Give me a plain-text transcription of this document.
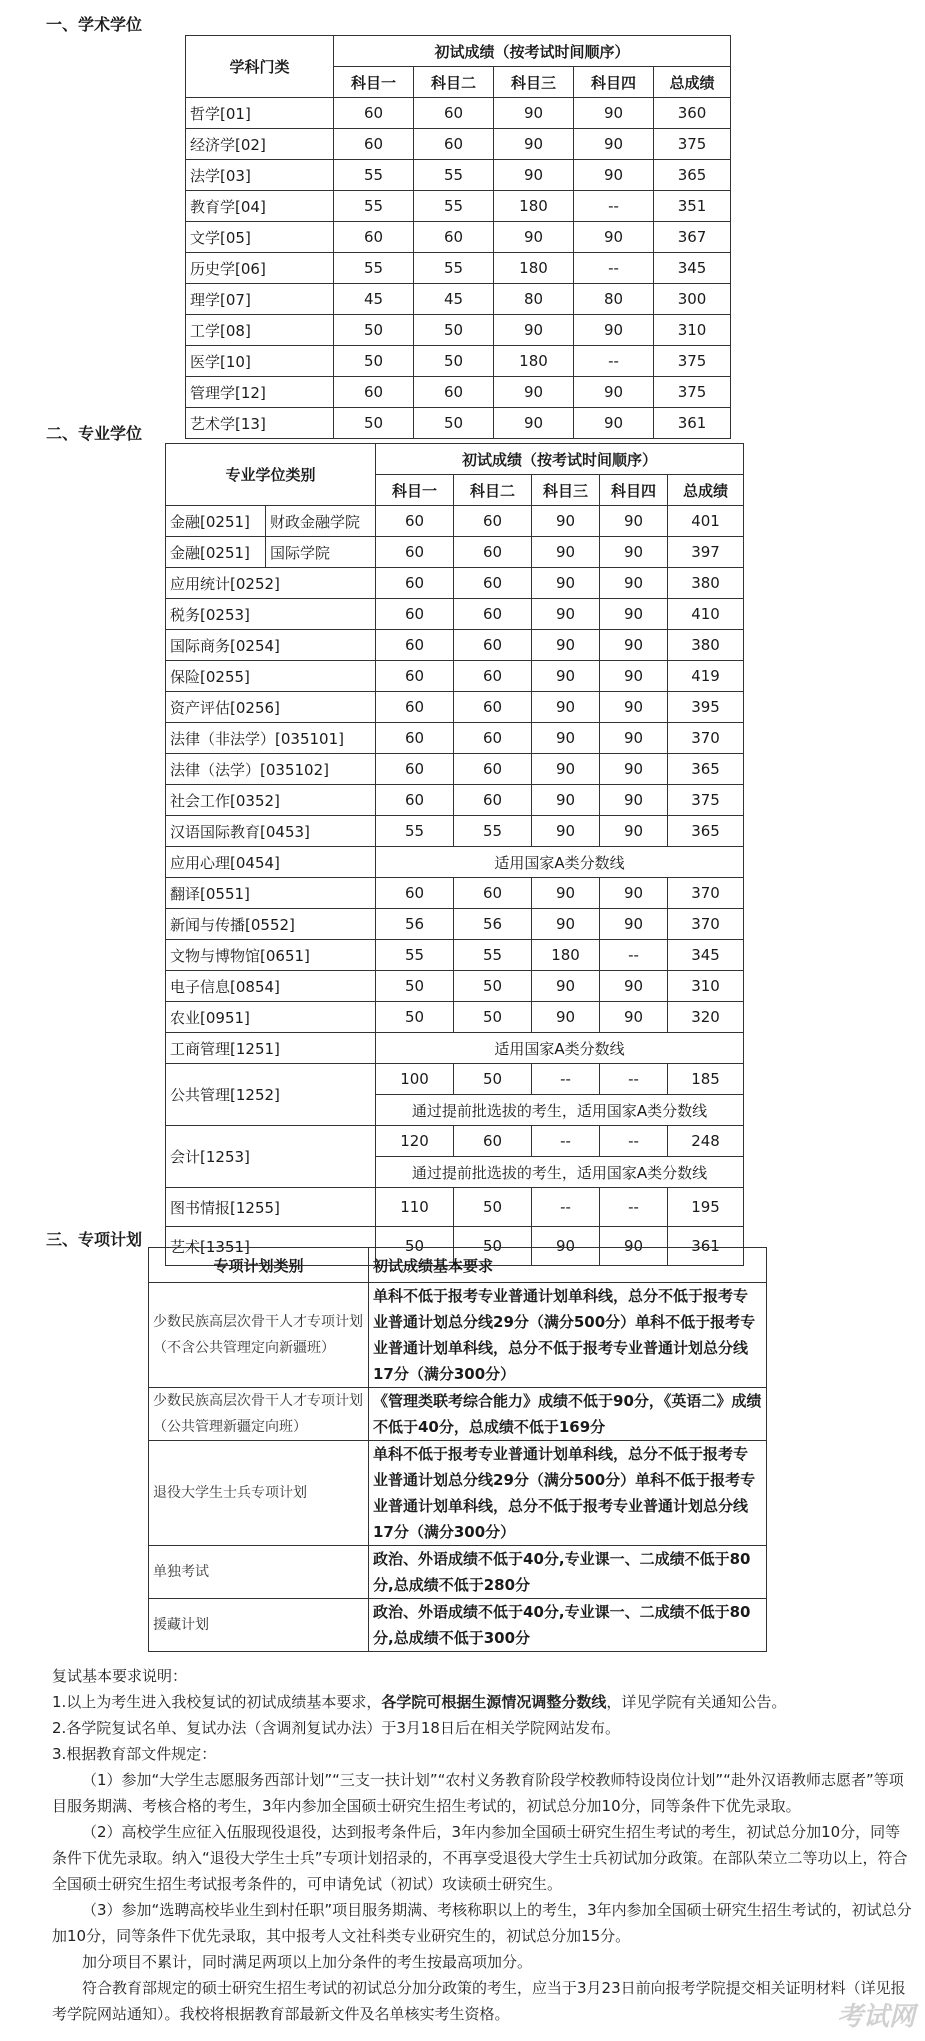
一、学术学位
学科门类	初试成绩（按考试时间顺序）				
	科目一	科目二	科目三	科目四	总成绩
哲学[01]	60	60	90	90	360
经济学[02]	60	60	90	90	375
法学[03]	55	55	90	90	365
教育学[04]	55	55	180	--	351
文学[05]	60	60	90	90	367
历史学[06]	55	55	180	--	345
理学[07]	45	45	80	80	300
工学[08]	50	50	90	90	310
医学[10]	50	50	180	--	375
管理学[12]	60	60	90	90	375
艺术学[13]	50	50	90	90	361
二、专业学位
专业学位类别		初试成绩（按考试时间顺序）				
		科目一	科目二	科目三	科目四	总成绩
金融[0251]	财政金融学院	60	60	90	90	401
金融[0251]	国际学院	60	60	90	90	397
应用统计[0252]		60	60	90	90	380
税务[0253]		60	60	90	90	410
国际商务[0254]		60	60	90	90	380
保险[0255]		60	60	90	90	419
资产评估[0256]		60	60	90	90	395
法律（非法学）[035101]		60	60	90	90	370
法律（法学）[035102]		60	60	90	90	365
社会工作[0352]		60	60	90	90	375
汉语国际教育[0453]		55	55	90	90	365
应用心理[0454]		适用国家A类分数线				
翻译[0551]		60	60	90	90	370
新闻与传播[0552]		56	56	90	90	370
文物与博物馆[0651]		55	55	180	--	345
电子信息[0854]		50	50	90	90	310
农业[0951]		50	50	90	90	320
工商管理[1251]		适用国家A类分数线				
公共管理[1252]		100	50	--	--	185
		通过提前批选拔的考生，适用国家A类分数线				
会计[1253]		120	60	--	--	248
		通过提前批选拔的考生，适用国家A类分数线				
图书情报[1255]		110	50	--	--	195
艺术[1351]		50	50	90	90	361
三、专项计划
专项计划类别	初试成绩基本要求
少数民族高层次骨干人才专项计划（不含公共管理定向新疆班）	单科不低于报考专业普通计划单科线，总分不低于报考专业普通计划总分线29分（满分500分）单科不低于报考专业普通计划单科线，总分不低于报考专业普通计划总分线17分（满分300分）
少数民族高层次骨干人才专项计划（公共管理新疆定向班）	《管理类联考综合能力》成绩不低于90分，《英语二》成绩不低于40分，总成绩不低于169分
退役大学生士兵专项计划	单科不低于报考专业普通计划单科线，总分不低于报考专业普通计划总分线29分（满分500分）单科不低于报考专业普通计划单科线，总分不低于报考专业普通计划总分线17分（满分300分）
单独考试	政治、外语成绩不低于40分,专业课一、二成绩不低于80分,总成绩不低于280分
援藏计划	政治、外语成绩不低于40分,专业课一、二成绩不低于80分,总成绩不低于300分

复试基本要求说明：

1.以上为考生进入我校复试的初试成绩基本要求，各学院可根据生源情况调整分数线，详见学院有关通知公告。

2.各学院复试名单、复试办法（含调剂复试办法）于3月18日后在相关学院网站发布。

3.根据教育部文件规定：

（1）参加“大学生志愿服务西部计划”“三支一扶计划”“农村义务教育阶段学校教师特设岗位计划”“赴外汉语教师志愿者”等项目服务期满、考核合格的考生，3年内参加全国硕士研究生招生考试的，初试总分加10分，同等条件下优先录取。

（2）高校学生应征入伍服现役退役，达到报考条件后，3年内参加全国硕士研究生招生考试的考生，初试总分加10分，同等条件下优先录取。纳入“退役大学生士兵”专项计划招录的，不再享受退役大学生士兵初试加分政策。在部队荣立二等功以上，符合全国硕士研究生招生考试报考条件的，可申请免试（初试）攻读硕士研究生。

（3）参加“选聘高校毕业生到村任职”项目服务期满、考核称职以上的考生，3年内参加全国硕士研究生招生考试的，初试总分加10分，同等条件下优先录取，其中报考人文社科类专业研究生的，初试总分加15分。

加分项目不累计，同时满足两项以上加分条件的考生按最高项加分。

符合教育部规定的硕士研究生招生考试的初试总分加分政策的考生，应当于3月23日前向报考学院提交相关证明材料（详见报考学院网站通知）。我校将根据教育部最新文件及名单核实考生资格。	考试网
